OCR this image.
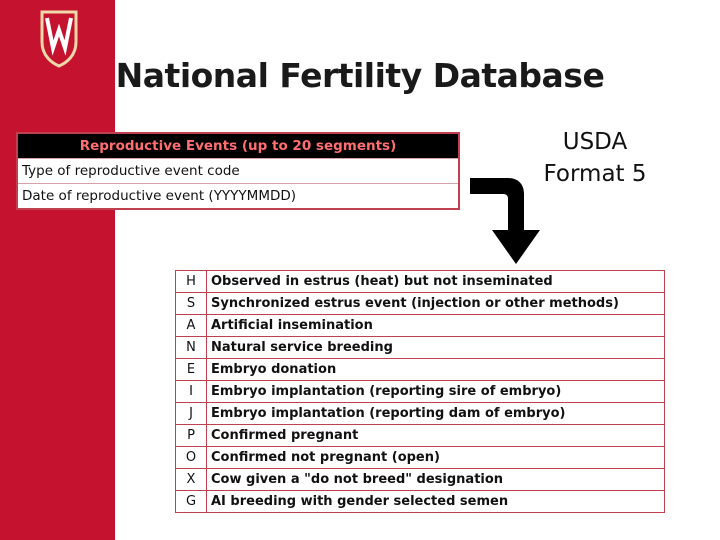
National Fertility Database
Reproductive Events (up to 20 segments)
Type of reproductive event code
Date of reproductive event (YYYYMMDD)
USDA
Format 5
H	Observed in estrus (heat) but not inseminated
S	Synchronized estrus event (injection or other methods)
A	Artificial insemination
N	Natural service breeding
E	Embryo donation
I	Embryo implantation (reporting sire of embryo)
J	Embryo implantation (reporting dam of embryo)
P	Confirmed pregnant
O	Confirmed not pregnant (open)
X	Cow given a "do not breed" designation
G	AI breeding with gender selected semen
